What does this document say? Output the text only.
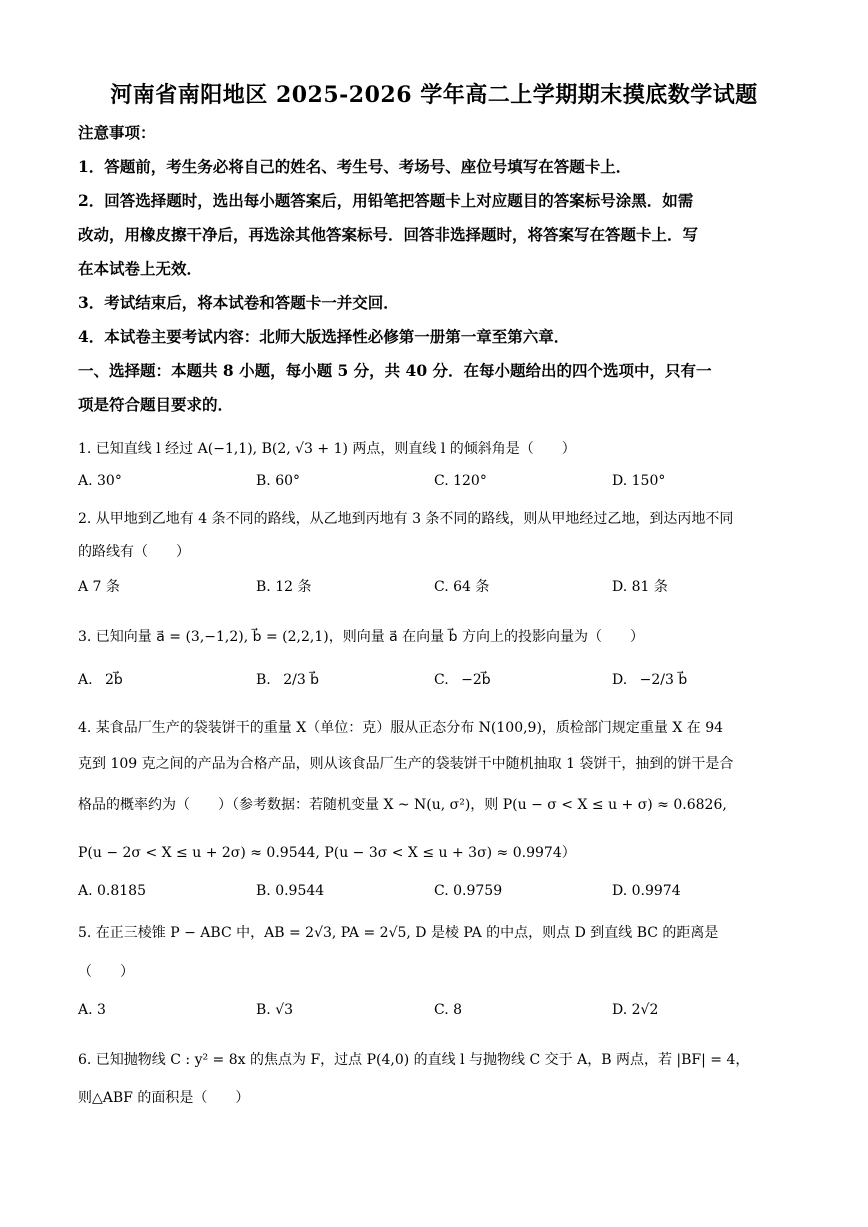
河南省南阳地区 2025-2026 学年高二上学期期末摸底数学试题
注意事项：
1．答题前，考生务必将自己的姓名、考生号、考场号、座位号填写在答题卡上．
2．回答选择题时，选出每小题答案后，用铅笔把答题卡上对应题目的答案标号涂黑．如需
改动，用橡皮擦干净后，再选涂其他答案标号．回答非选择题时，将答案写在答题卡上．写
在本试卷上无效．
3．考试结束后，将本试卷和答题卡一并交回．
4．本试卷主要考试内容：北师大版选择性必修第一册第一章至第六章．
一、选择题：本题共 8 小题，每小题 5 分，共 40 分．在每小题给出的四个选项中，只有一
项是符合题目要求的．
1. 已知直线 l 经过 A(−1,1), B(2, √3 + 1) 两点，则直线 l 的倾斜角是（　　）
A. 30°	B. 60°	C. 120°	D. 150°
2. 从甲地到乙地有 4 条不同的路线，从乙地到丙地有 3 条不同的路线，则从甲地经过乙地，到达丙地不同
的路线有（　　）
A 7 条	B. 12 条	C. 64 条	D. 81 条
3. 已知向量 a⃗ = (3,−1,2), b⃗ = (2,2,1)，则向量 a⃗ 在向量 b⃗ 方向上的投影向量为（　　）
A. 2b⃗	B. 2/3 b⃗	C. −2b⃗	D. −2/3 b⃗
4. 某食品厂生产的袋装饼干的重量 X（单位：克）服从正态分布 N(100,9)，质检部门规定重量 X 在 94
克到 109 克之间的产品为合格产品，则从该食品厂生产的袋装饼干中随机抽取 1 袋饼干，抽到的饼干是合
格品的概率约为（　　）（参考数据：若随机变量 X ~ N(u, σ²)，则 P(u − σ < X ≤ u + σ) ≈ 0.6826,
P(u − 2σ < X ≤ u + 2σ) ≈ 0.9544, P(u − 3σ < X ≤ u + 3σ) ≈ 0.9974）
A. 0.8185	B. 0.9544	C. 0.9759	D. 0.9974
5. 在正三棱锥 P − ABC 中，AB = 2√3, PA = 2√5, D 是棱 PA 的中点，则点 D 到直线 BC 的距离是
（　　）
A. 3	B. √3	C. 8	D. 2√2
6. 已知抛物线 C : y² = 8x 的焦点为 F，过点 P(4,0) 的直线 l 与抛物线 C 交于 A，B 两点，若 |BF| = 4，
则△ABF 的面积是（　　）
